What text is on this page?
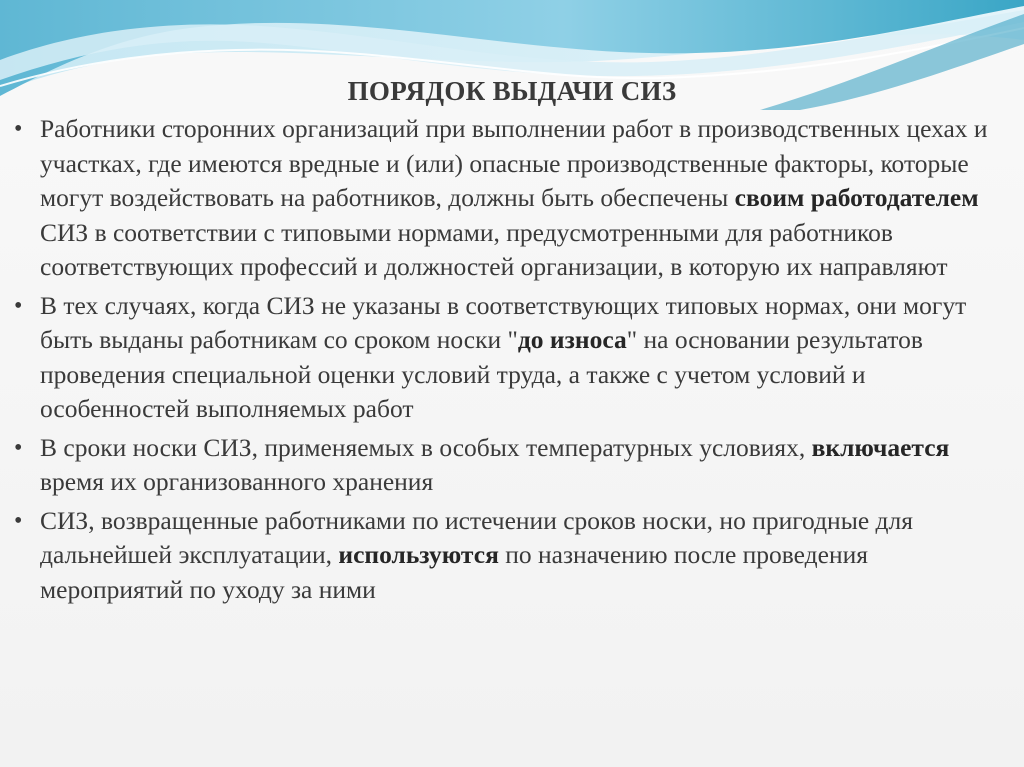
ПОРЯДОК ВЫДАЧИ СИЗ
• Работники сторонних организаций при выполнении работ в производственных цехах и участках, где имеются вредные и (или) опасные производственные факторы, которые могут воздействовать на работников, должны быть обеспечены своим работодателем СИЗ в соответствии с типовыми нормами, предусмотренными для работников соответствующих профессий и должностей организации, в которую их направляют
• В тех случаях, когда СИЗ не указаны в соответствующих типовых нормах, они могут быть выданы работникам со сроком носки "до износа" на основании результатов проведения специальной оценки условий труда, а также с учетом условий и особенностей выполняемых работ
• В сроки носки СИЗ, применяемых в особых температурных условиях, включается время их организованного хранения
• СИЗ, возвращенные работниками по истечении сроков носки, но пригодные для дальнейшей эксплуатации, используются по назначению после проведения мероприятий по уходу за ними
